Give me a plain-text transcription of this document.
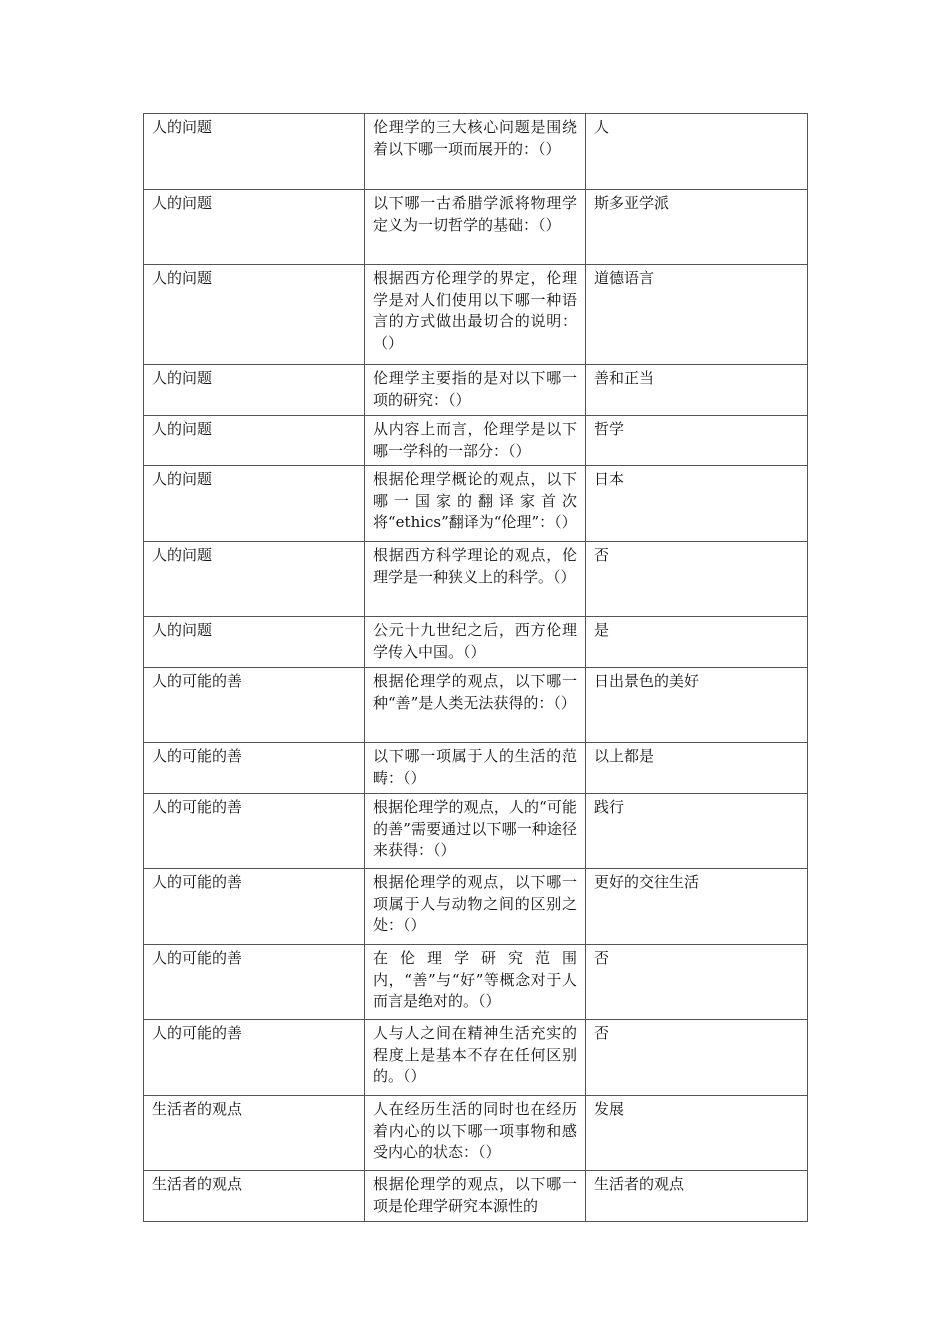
人的问题	伦理学的三大核心问题是围绕着以下哪一项而展开的：（）	人
人的问题	以下哪一古希腊学派将物理学定义为一切哲学的基础：（）	斯多亚学派
人的问题	根据西方伦理学的界定，伦理学是对人们使用以下哪一种语言的方式做出最切合的说明：（）	道德语言
人的问题	伦理学主要指的是对以下哪一项的研究：（）	善和正当
人的问题	从内容上而言，伦理学是以下哪一学科的一部分：（）	哲学
人的问题	根据伦理学概论的观点，以下哪一国家的翻译家首次将“ethics”翻译为“伦理”：（）	日本
人的问题	根据西方科学理论的观点，伦理学是一种狭义上的科学。（）	否
人的问题	公元十九世纪之后，西方伦理学传入中国。（）	是
人的可能的善	根据伦理学的观点，以下哪一种“善”是人类无法获得的：（）	日出景色的美好
人的可能的善	以下哪一项属于人的生活的范畴：（）	以上都是
人的可能的善	根据伦理学的观点，人的“可能的善”需要通过以下哪一种途径来获得：（）	践行
人的可能的善	根据伦理学的观点，以下哪一项属于人与动物之间的区别之处：（）	更好的交往生活
人的可能的善	在伦理学研究范围内，“善”与“好”等概念对于人而言是绝对的。（）	否
人的可能的善	人与人之间在精神生活充实的程度上是基本不存在任何区别的。（）	否
生活者的观点	人在经历生活的同时也在经历着内心的以下哪一项事物和感受内心的状态：（）	发展
生活者的观点	根据伦理学的观点，以下哪一项是伦理学研究本源性的	生活者的观点
